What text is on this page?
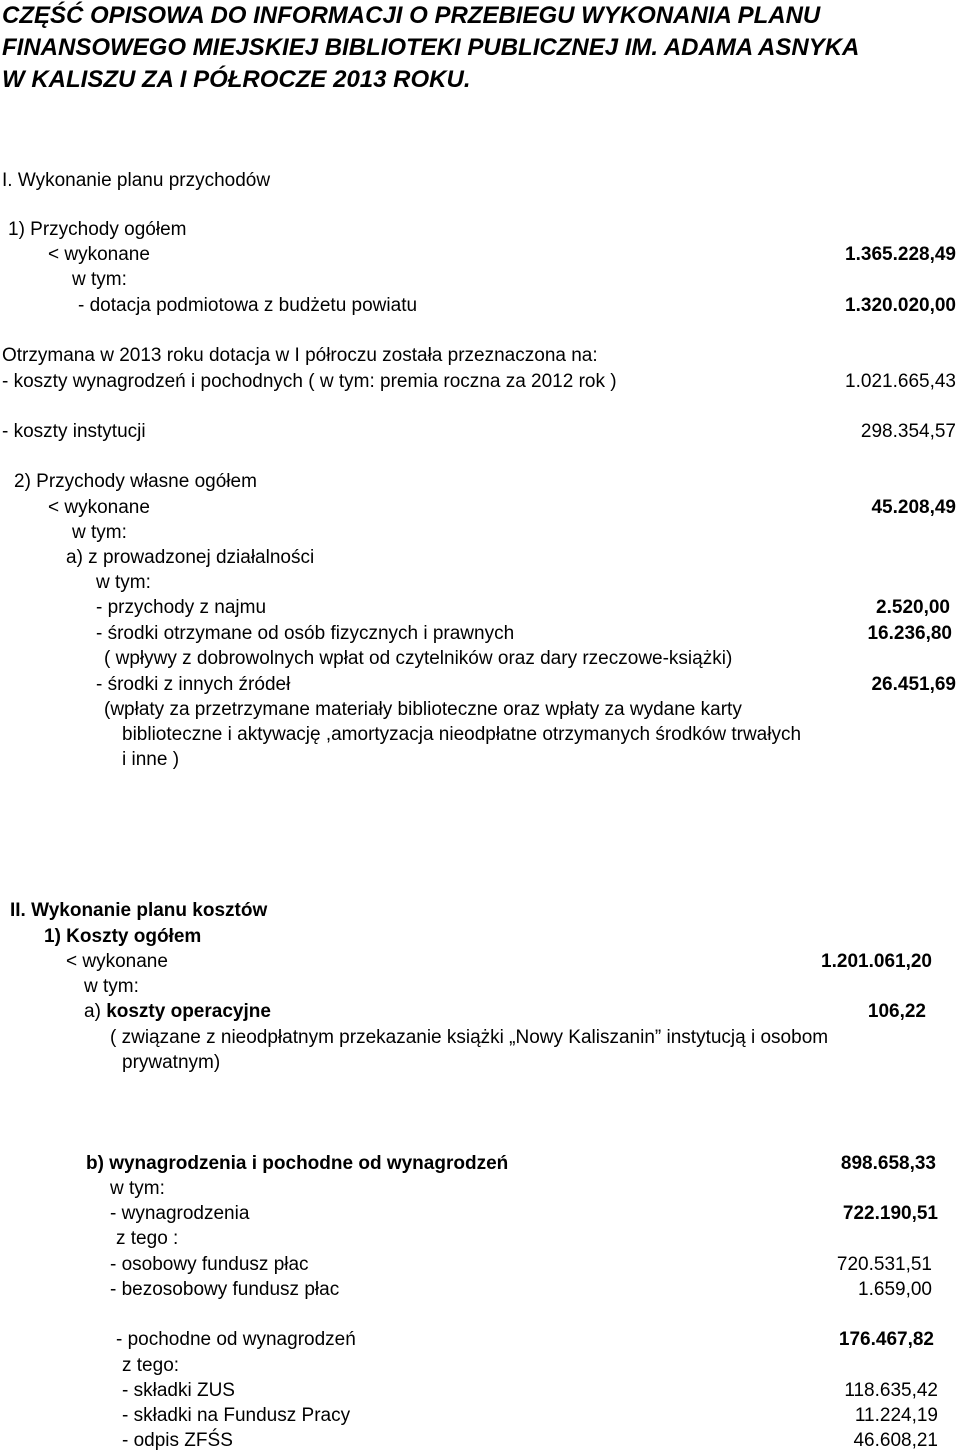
CZĘŚĆ OPISOWA DO INFORMACJI O PRZEBIEGU WYKONANIA PLANU
FINANSOWEGO MIEJSKIEJ BIBLIOTEKI PUBLICZNEJ IM. ADAMA ASNYKA
W KALISZU ZA I PÓŁROCZE 2013 ROKU.
I. Wykonanie planu przychodów
1) Przychody ogółem
< wykonane	1.365.228,49
w tym:
- dotacja podmiotowa z budżetu powiatu	1.320.020,00
Otrzymana w 2013 roku dotacja w I półroczu została przeznaczona na:
- koszty wynagrodzeń i pochodnych ( w tym: premia roczna za 2012 rok )	1.021.665,43
- koszty instytucji	298.354,57
2) Przychody własne ogółem
< wykonane	45.208,49
w tym:
a) z prowadzonej działalności
w tym:
- przychody z najmu	2.520,00
- środki otrzymane od osób fizycznych i prawnych	16.236,80
( wpływy z dobrowolnych wpłat od czytelników oraz dary rzeczowe-książki)
- środki z innych źródeł	26.451,69
(wpłaty za przetrzymane materiały biblioteczne oraz wpłaty za wydane karty
biblioteczne i aktywację ,amortyzacja nieodpłatne otrzymanych środków trwałych
i inne )
II. Wykonanie planu kosztów
1) Koszty ogółem
< wykonane	1.201.061,20
w tym:
a) koszty operacyjne	106,22
( związane z nieodpłatnym przekazanie książki „Nowy Kaliszanin” instytucją i osobom
prywatnym)
b) wynagrodzenia i pochodne od wynagrodzeń	898.658,33
w tym:
- wynagrodzenia	722.190,51
z tego :
- osobowy fundusz płac	720.531,51
- bezosobowy fundusz płac	1.659,00
- pochodne od wynagrodzeń	176.467,82
z tego:
- składki ZUS	118.635,42
- składki na Fundusz Pracy	11.224,19
- odpis ZFŚS	46.608,21
